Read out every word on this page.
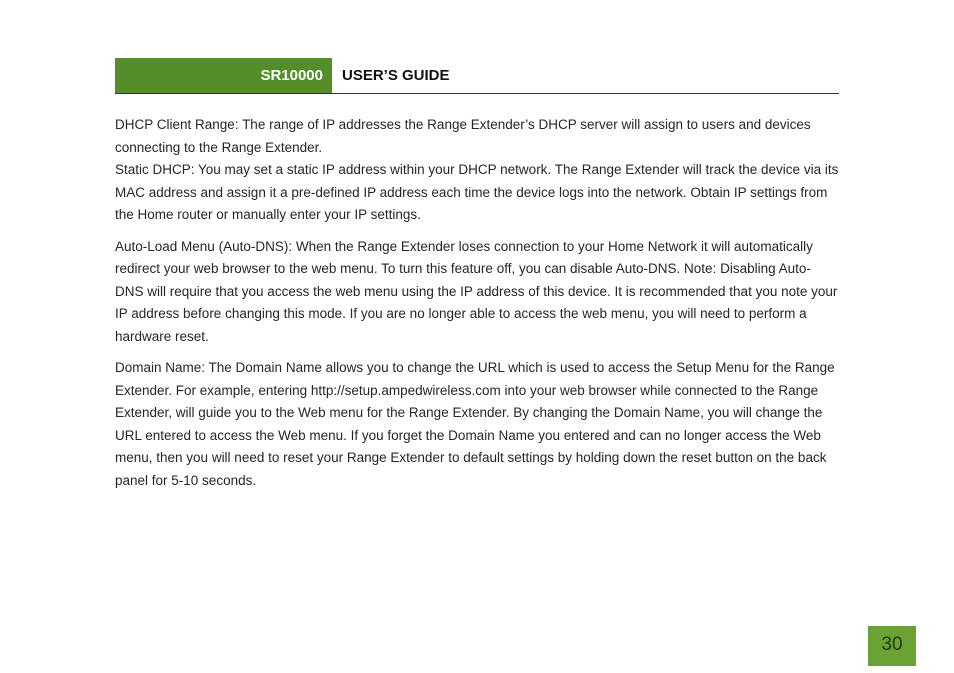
SR10000	USER’S GUIDE

DHCP Client Range: The range of IP addresses the Range Extender’s DHCP server will assign to users and devices connecting to the Range Extender.

Static DHCP: You may set a static IP address within your DHCP network. The Range Extender will track the device via its MAC address and assign it a pre-defined IP address each time the device logs into the network. Obtain IP settings from the Home router or manually enter your IP settings.

Auto-Load Menu (Auto-DNS): When the Range Extender loses connection to your Home Network it will automatically redirect your web browser to the web menu. To turn this feature off, you can disable Auto-DNS. Note: Disabling Auto-DNS will require that you access the web menu using the IP address of this device. It is recommended that you note your IP address before changing this mode. If you are no longer able to access the web menu, you will need to perform a hardware reset.

Domain Name: The Domain Name allows you to change the URL which is used to access the Setup Menu for the Range Extender. For example, entering http://setup.ampedwireless.com into your web browser while connected to the Range Extender, will guide you to the Web menu for the Range Extender. By changing the Domain Name, you will change the URL entered to access the Web menu. If you forget the Domain Name you entered and can no longer access the Web menu, then you will need to reset your Range Extender to default settings by holding down the reset button on the back panel for 5-10 seconds.

30
